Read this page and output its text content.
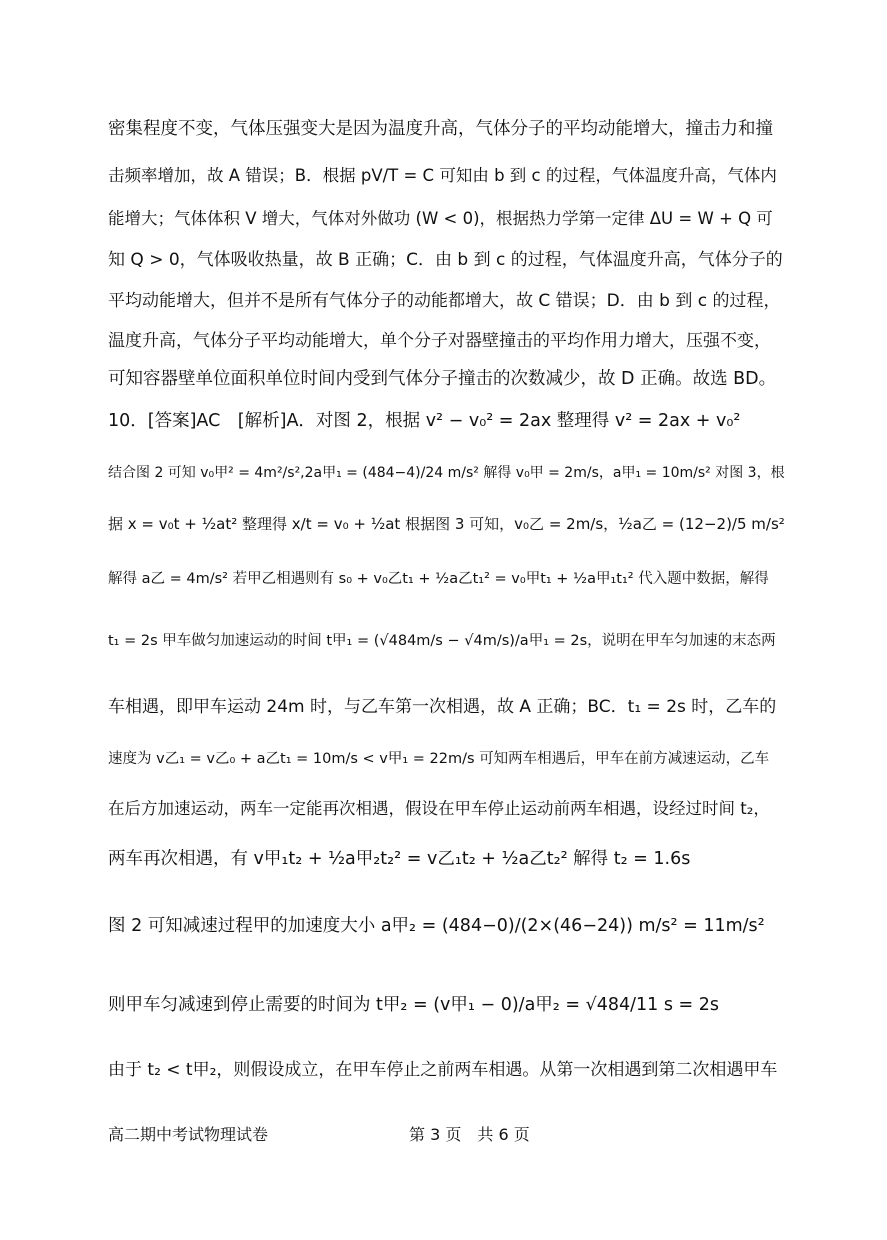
密集程度不变，气体压强变大是因为温度升高，气体分子的平均动能增大，撞击力和撞
击频率增加，故 A 错误；B．根据 pV/T = C 可知由 b 到 c 的过程，气体温度升高，气体内
能增大；气体体积 V 增大，气体对外做功 (W < 0)，根据热力学第一定律 ΔU = W + Q 可
知 Q > 0，气体吸收热量，故 B 正确；C．由 b 到 c 的过程，气体温度升高，气体分子的
平均动能增大，但并不是所有气体分子的动能都增大，故 C 错误；D．由 b 到 c 的过程，
温度升高，气体分子平均动能增大，单个分子对器壁撞击的平均作用力增大，压强不变，
可知容器壁单位面积单位时间内受到气体分子撞击的次数减少，故 D 正确。故选 BD。
10．[答案]AC　[解析]A．对图 2，根据 v² − v₀² = 2ax 整理得 v² = 2ax + v₀²
结合图 2 可知 v₀甲² = 4m²/s²,2a甲₁ = (484−4)/24 m/s² 解得 v₀甲 = 2m/s，a甲₁ = 10m/s² 对图 3，根
据 x = v₀t + ½at² 整理得 x/t = v₀ + ½at 根据图 3 可知，v₀乙 = 2m/s，½a乙 = (12−2)/5 m/s²
解得 a乙 = 4m/s² 若甲乙相遇则有 s₀ + v₀乙t₁ + ½a乙t₁² = v₀甲t₁ + ½a甲₁t₁² 代入题中数据，解得
t₁ = 2s 甲车做匀加速运动的时间 t甲₁ = (√484m/s − √4m/s)/a甲₁ = 2s，说明在甲车匀加速的末态两
车相遇，即甲车运动 24m 时，与乙车第一次相遇，故 A 正确；BC．t₁ = 2s 时，乙车的
速度为 v乙₁ = v乙₀ + a乙t₁ = 10m/s < v甲₁ = 22m/s 可知两车相遇后，甲车在前方减速运动，乙车
在后方加速运动，两车一定能再次相遇，假设在甲车停止运动前两车相遇，设经过时间 t₂，
两车再次相遇，有 v甲₁t₂ + ½a甲₂t₂² = v乙₁t₂ + ½a乙t₂² 解得 t₂ = 1.6s
图 2 可知减速过程甲的加速度大小 a甲₂ = (484−0)/(2×(46−24)) m/s² = 11m/s²
则甲车匀减速到停止需要的时间为 t甲₂ = (v甲₁ − 0)/a甲₂ = √484/11 s = 2s
由于 t₂ < t甲₂，则假设成立，在甲车停止之前两车相遇。从第一次相遇到第二次相遇甲车
高二期中考试物理试卷	第 3 页　共 6 页
